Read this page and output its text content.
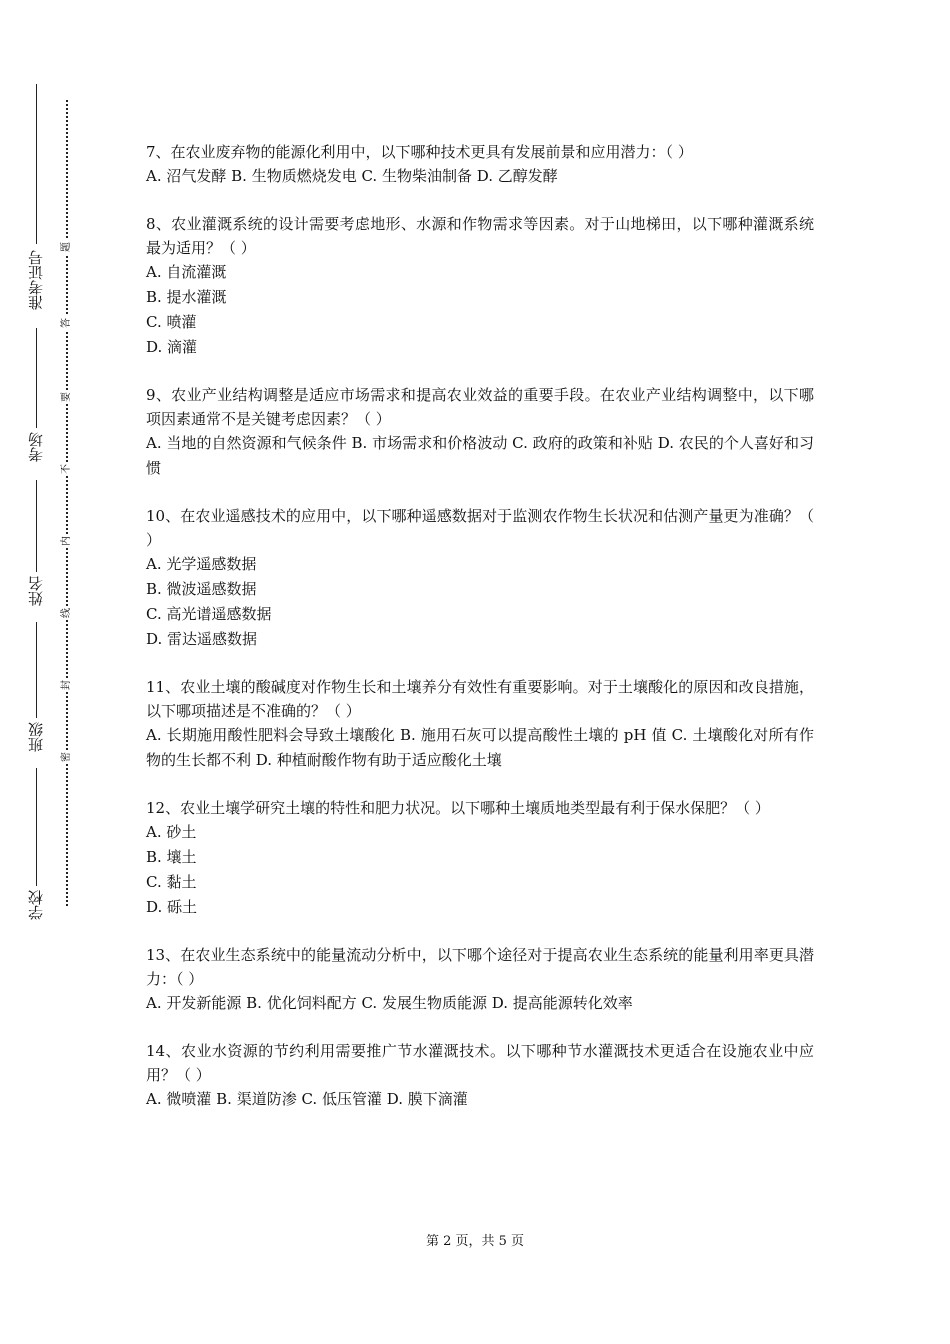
准考证号
考场
姓名
班级
学校
题
答
要
不
内
线
封
密

7、在农业废弃物的能源化利用中，以下哪种技术更具有发展前景和应用潜力：（ ）

A. 沼气发酵 B. 生物质燃烧发电 C. 生物柴油制备 D. 乙醇发酵

8、农业灌溉系统的设计需要考虑地形、水源和作物需求等因素。对于山地梯田，以下哪种灌溉系统最为适用？（ ）

A. 自流灌溉

B. 提水灌溉

C. 喷灌

D. 滴灌

9、农业产业结构调整是适应市场需求和提高农业效益的重要手段。在农业产业结构调整中，以下哪项因素通常不是关键考虑因素？（ ）

A. 当地的自然资源和气候条件 B. 市场需求和价格波动 C. 政府的政策和补贴 D. 农民的个人喜好和习惯

10、在农业遥感技术的应用中，以下哪种遥感数据对于监测农作物生长状况和估测产量更为准确？（ ）

A. 光学遥感数据

B. 微波遥感数据

C. 高光谱遥感数据

D. 雷达遥感数据

11、农业土壤的酸碱度对作物生长和土壤养分有效性有重要影响。对于土壤酸化的原因和改良措施，以下哪项描述是不准确的？（ ）

A. 长期施用酸性肥料会导致土壤酸化 B. 施用石灰可以提高酸性土壤的 pH 值 C. 土壤酸化对所有作物的生长都不利 D. 种植耐酸作物有助于适应酸化土壤

12、农业土壤学研究土壤的特性和肥力状况。以下哪种土壤质地类型最有利于保水保肥？（ ）

A. 砂土

B. 壤土

C. 黏土

D. 砾土

13、在农业生态系统中的能量流动分析中，以下哪个途径对于提高农业生态系统的能量利用率更具潜力：（ ）

A. 开发新能源 B. 优化饲料配方 C. 发展生物质能源 D. 提高能源转化效率

14、农业水资源的节约利用需要推广节水灌溉技术。以下哪种节水灌溉技术更适合在设施农业中应用？（ ）

A. 微喷灌 B. 渠道防渗 C. 低压管灌 D. 膜下滴灌

第 2 页，共 5 页
